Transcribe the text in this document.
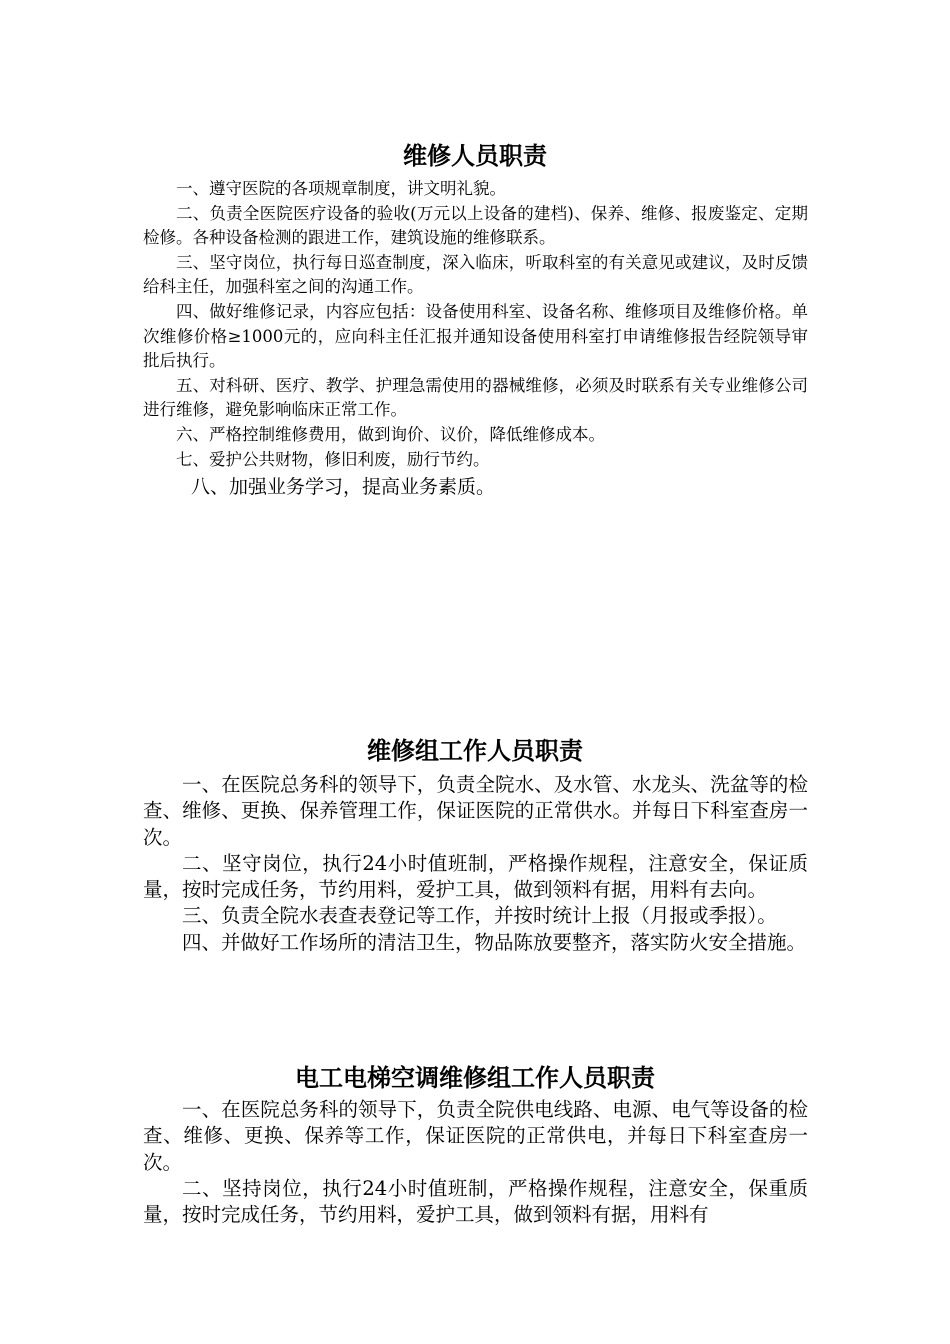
维修人员职责

一、遵守医院的各项规章制度，讲文明礼貌。

二、负责全医院医疗设备的验收(万元以上设备的建档)、保养、维修、报废鉴定、定期检修。各种设备检测的跟进工作，建筑设施的维修联系。

三、坚守岗位，执行每日巡查制度，深入临床，听取科室的有关意见或建议，及时反馈给科主任，加强科室之间的沟通工作。

四、做好维修记录，内容应包括：设备使用科室、设备名称、维修项目及维修价格。单次维修价格≥1000元的，应向科主任汇报并通知设备使用科室打申请维修报告经院领导审批后执行。

五、对科研、医疗、教学、护理急需使用的器械维修，必须及时联系有关专业维修公司进行维修，避免影响临床正常工作。

六、严格控制维修费用，做到询价、议价，降低维修成本。

七、爱护公共财物，修旧利废，励行节约。

八、加强业务学习，提高业务素质。

维修组工作人员职责

一、在医院总务科的领导下，负责全院水、及水管、水龙头、洗盆等的检查、维修、更换、保养管理工作，保证医院的正常供水。并每日下科室查房一次。

二、坚守岗位，执行24小时值班制，严格操作规程，注意安全，保证质量，按时完成任务，节约用料，爱护工具，做到领料有据，用料有去向。

三、负责全院水表查表登记等工作，并按时统计上报（月报或季报）。

四、并做好工作场所的清洁卫生，物品陈放要整齐，落实防火安全措施。

电工电梯空调维修组工作人员职责

一、在医院总务科的领导下，负责全院供电线路、电源、电气等设备的检查、维修、更换、保养等工作，保证医院的正常供电，并每日下科室查房一次。

二、坚持岗位，执行24小时值班制，严格操作规程，注意安全，保重质量，按时完成任务，节约用料，爱护工具，做到领料有据，用料有
